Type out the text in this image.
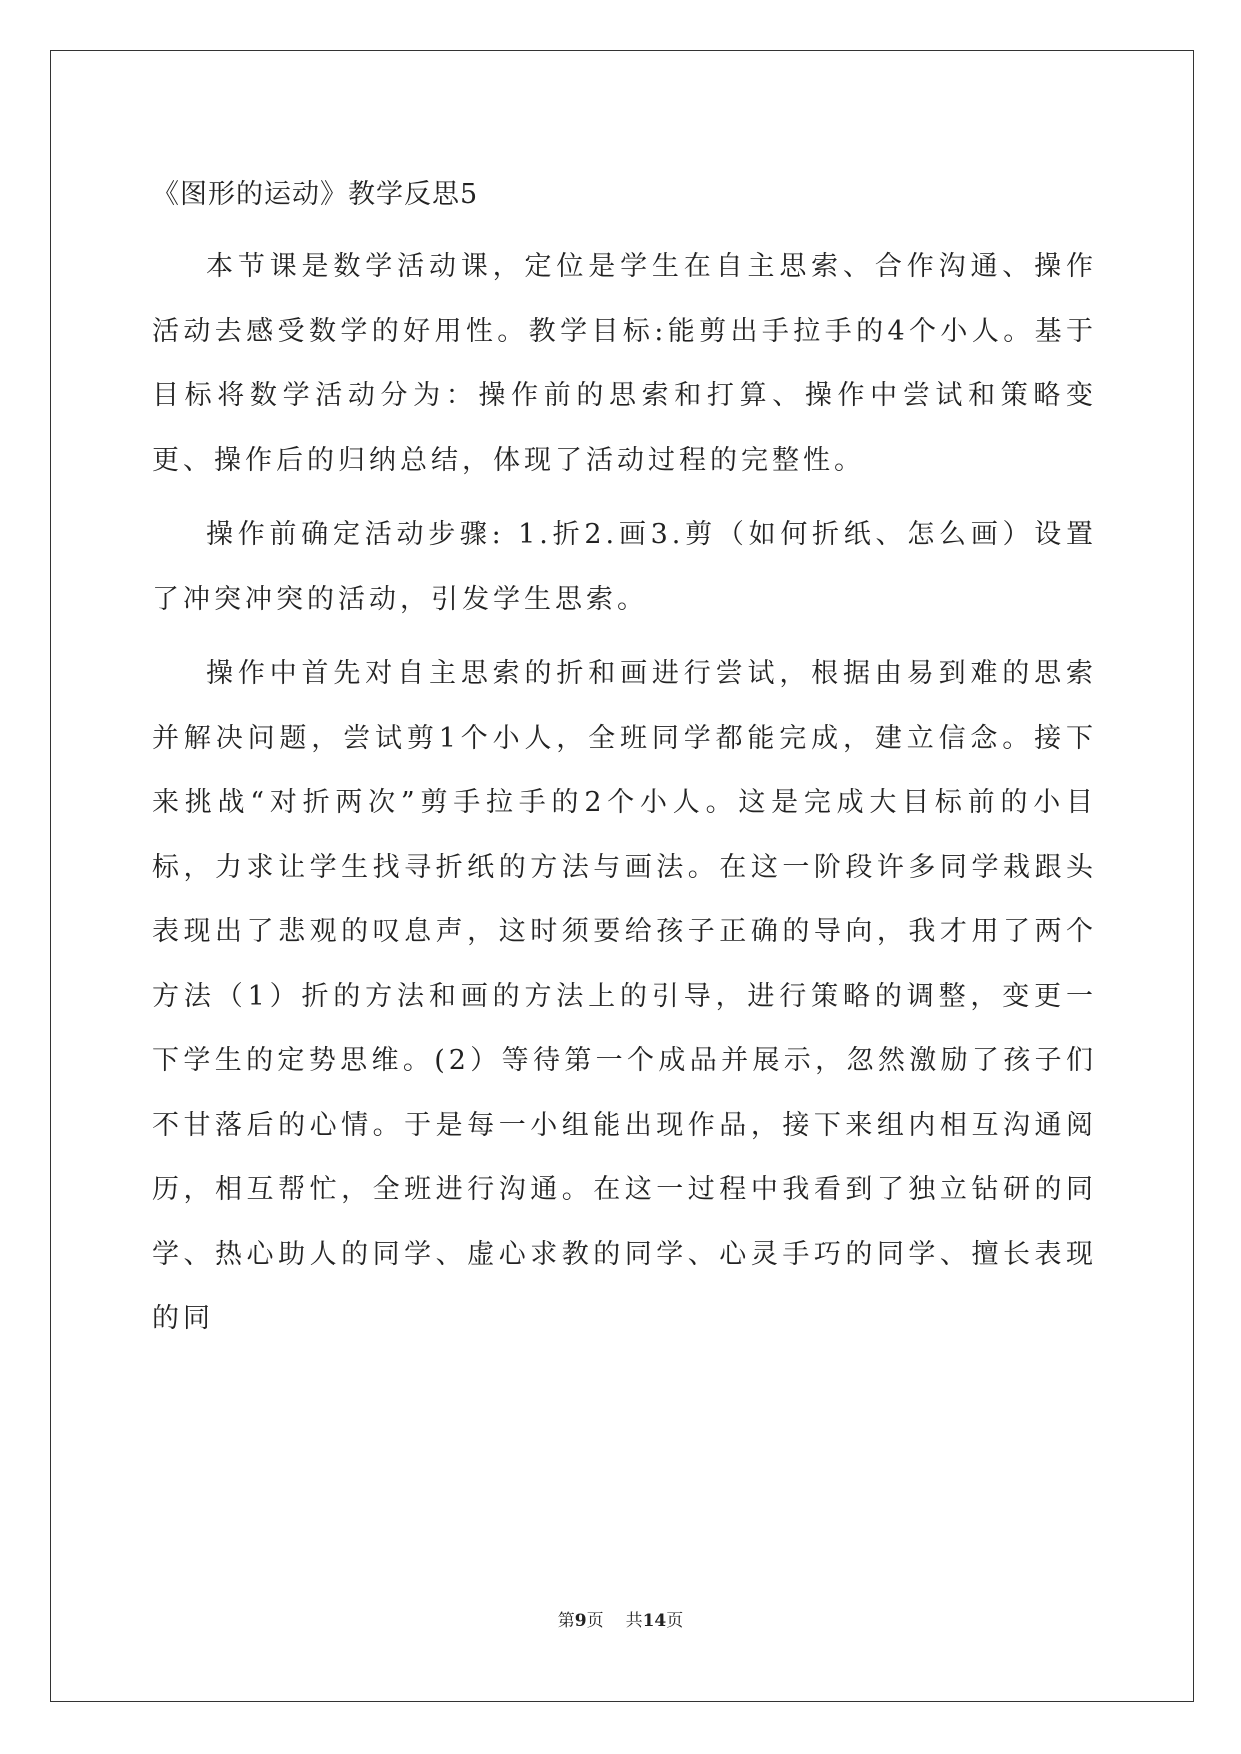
《图形的运动》教学反思5

本节课是数学活动课，定位是学生在自主思索、合作沟通、操作活动去感受数学的好用性。教学目标:能剪出手拉手的4个小人。基于目标将数学活动分为：操作前的思索和打算、操作中尝试和策略变更、操作后的归纳总结，体现了活动过程的完整性。

操作前确定活动步骤: 1.折2.画3.剪（如何折纸、怎么画）设置了冲突冲突的活动，引发学生思索。

操作中首先对自主思索的折和画进行尝试，根据由易到难的思索并解决问题，尝试剪1个小人，全班同学都能完成，建立信念。接下来挑战“对折两次”剪手拉手的2个小人。这是完成大目标前的小目标，力求让学生找寻折纸的方法与画法。在这一阶段许多同学栽跟头表现出了悲观的叹息声，这时须要给孩子正确的导向，我才用了两个方法（1）折的方法和画的方法上的引导，进行策略的调整，变更一下学生的定势思维。(2）等待第一个成品并展示，忽然激励了孩子们不甘落后的心情。于是每一小组能出现作品，接下来组内相互沟通阅历，相互帮忙，全班进行沟通。在这一过程中我看到了独立钻研的同学、热心助人的同学、虚心求教的同学、心灵手巧的同学、擅长表现的同

第9页 共14页
